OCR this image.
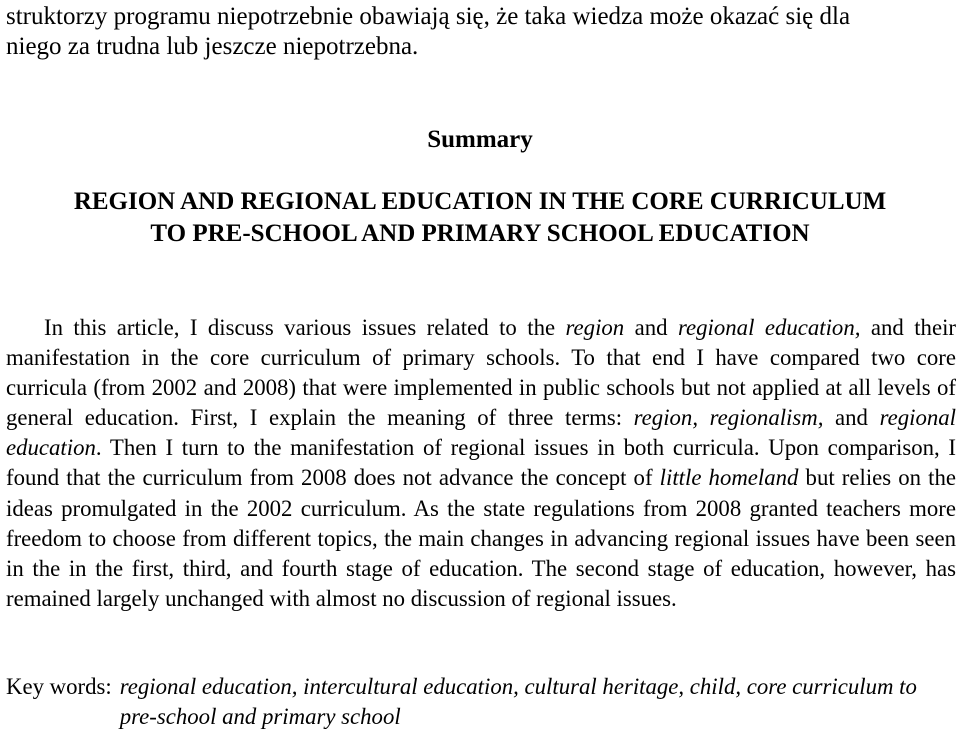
struktorzy programu niepotrzebnie obawiają się, że taka wiedza może okazać się dla
niego za trudna lub jeszcze niepotrzebna.

Summary
REGION AND REGIONAL EDUCATION IN THE CORE CURRICULUM
TO PRE-SCHOOL AND PRIMARY SCHOOL EDUCATION

In this article, I discuss various issues related to the region and regional education, and their manifestation in the core curriculum of primary schools. To that end I have compared two core curricula (from 2002 and 2008) that were implemented in public schools but not applied at all levels of general education. First, I explain the meaning of three terms: region, regionalism, and regional education. Then I turn to the manifestation of regional issues in both curricula. Upon comparison, I found that the curriculum from 2008 does not advance the concept of little homeland but relies on the ideas promulgated in the 2002 curriculum. As the state regulations from 2008 granted teachers more freedom to choose from different topics, the main changes in advancing regional issues have been seen in the in the first, third, and fourth stage of education. The second stage of education, however, has remained largely unchanged with almost no discussion of regional issues.

Key words: regional education, intercultural education, cultural heritage, child, core curriculum to pre-school and primary school
